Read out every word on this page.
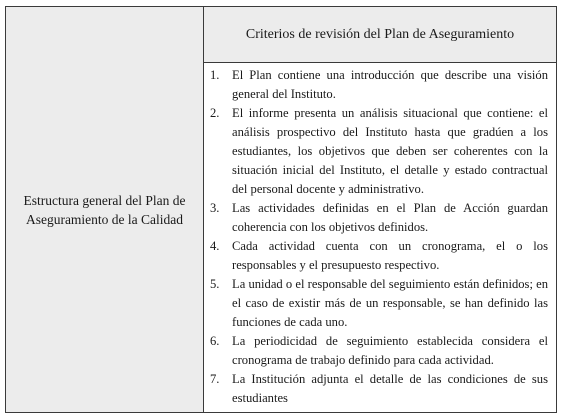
Estructura general del Plan de Aseguramiento de la Calidad
Criterios de revisión del Plan de Aseguramiento
1. El Plan contiene una introducción que describe una visión general del Instituto.
2. El informe presenta un análisis situacional que contiene: el análisis prospectivo del Instituto hasta que gradúen a los estudiantes, los objetivos que deben ser coherentes con la situación inicial del Instituto, el detalle y estado contractual del personal docente y administrativo.
3. Las actividades definidas en el Plan de Acción guardan coherencia con los objetivos definidos.
4. Cada actividad cuenta con un cronograma, el o los responsables y el presupuesto respectivo.
5. La unidad o el responsable del seguimiento están definidos; en el caso de existir más de un responsable, se han definido las funciones de cada uno.
6. La periodicidad de seguimiento establecida considera el cronograma de trabajo definido para cada actividad.
7. La Institución adjunta el detalle de las condiciones de sus estudiantes
